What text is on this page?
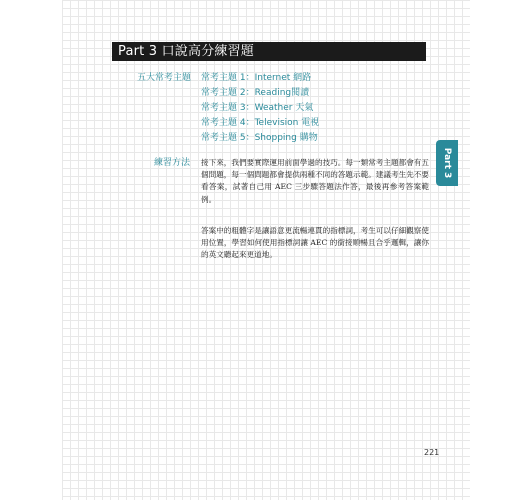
Part 3 口說高分練習題
五大常考主題 常考主題 1：Internet 網路
常考主題 2：Reading閱讀
常考主題 3：Weather 天氣
常考主題 4：Television 電視
常考主題 5：Shopping 購物
練習方法 接下來，我們要實際運用前面學過的技巧。每一類常考主題都會有五個問題，每一個問題都會提供兩種不同的答題示範。建議考生先不要看答案，試著自己用 AEC 三步驟答題法作答，最後再參考答案範例。

答案中的粗體字是讓語意更流暢連貫的指標詞，考生可以仔細觀察使用位置，學習如何使用指標詞讓 AEC 的銜接順暢且合乎邏輯，讓你的英文聽起來更道地。

Part 3
221
